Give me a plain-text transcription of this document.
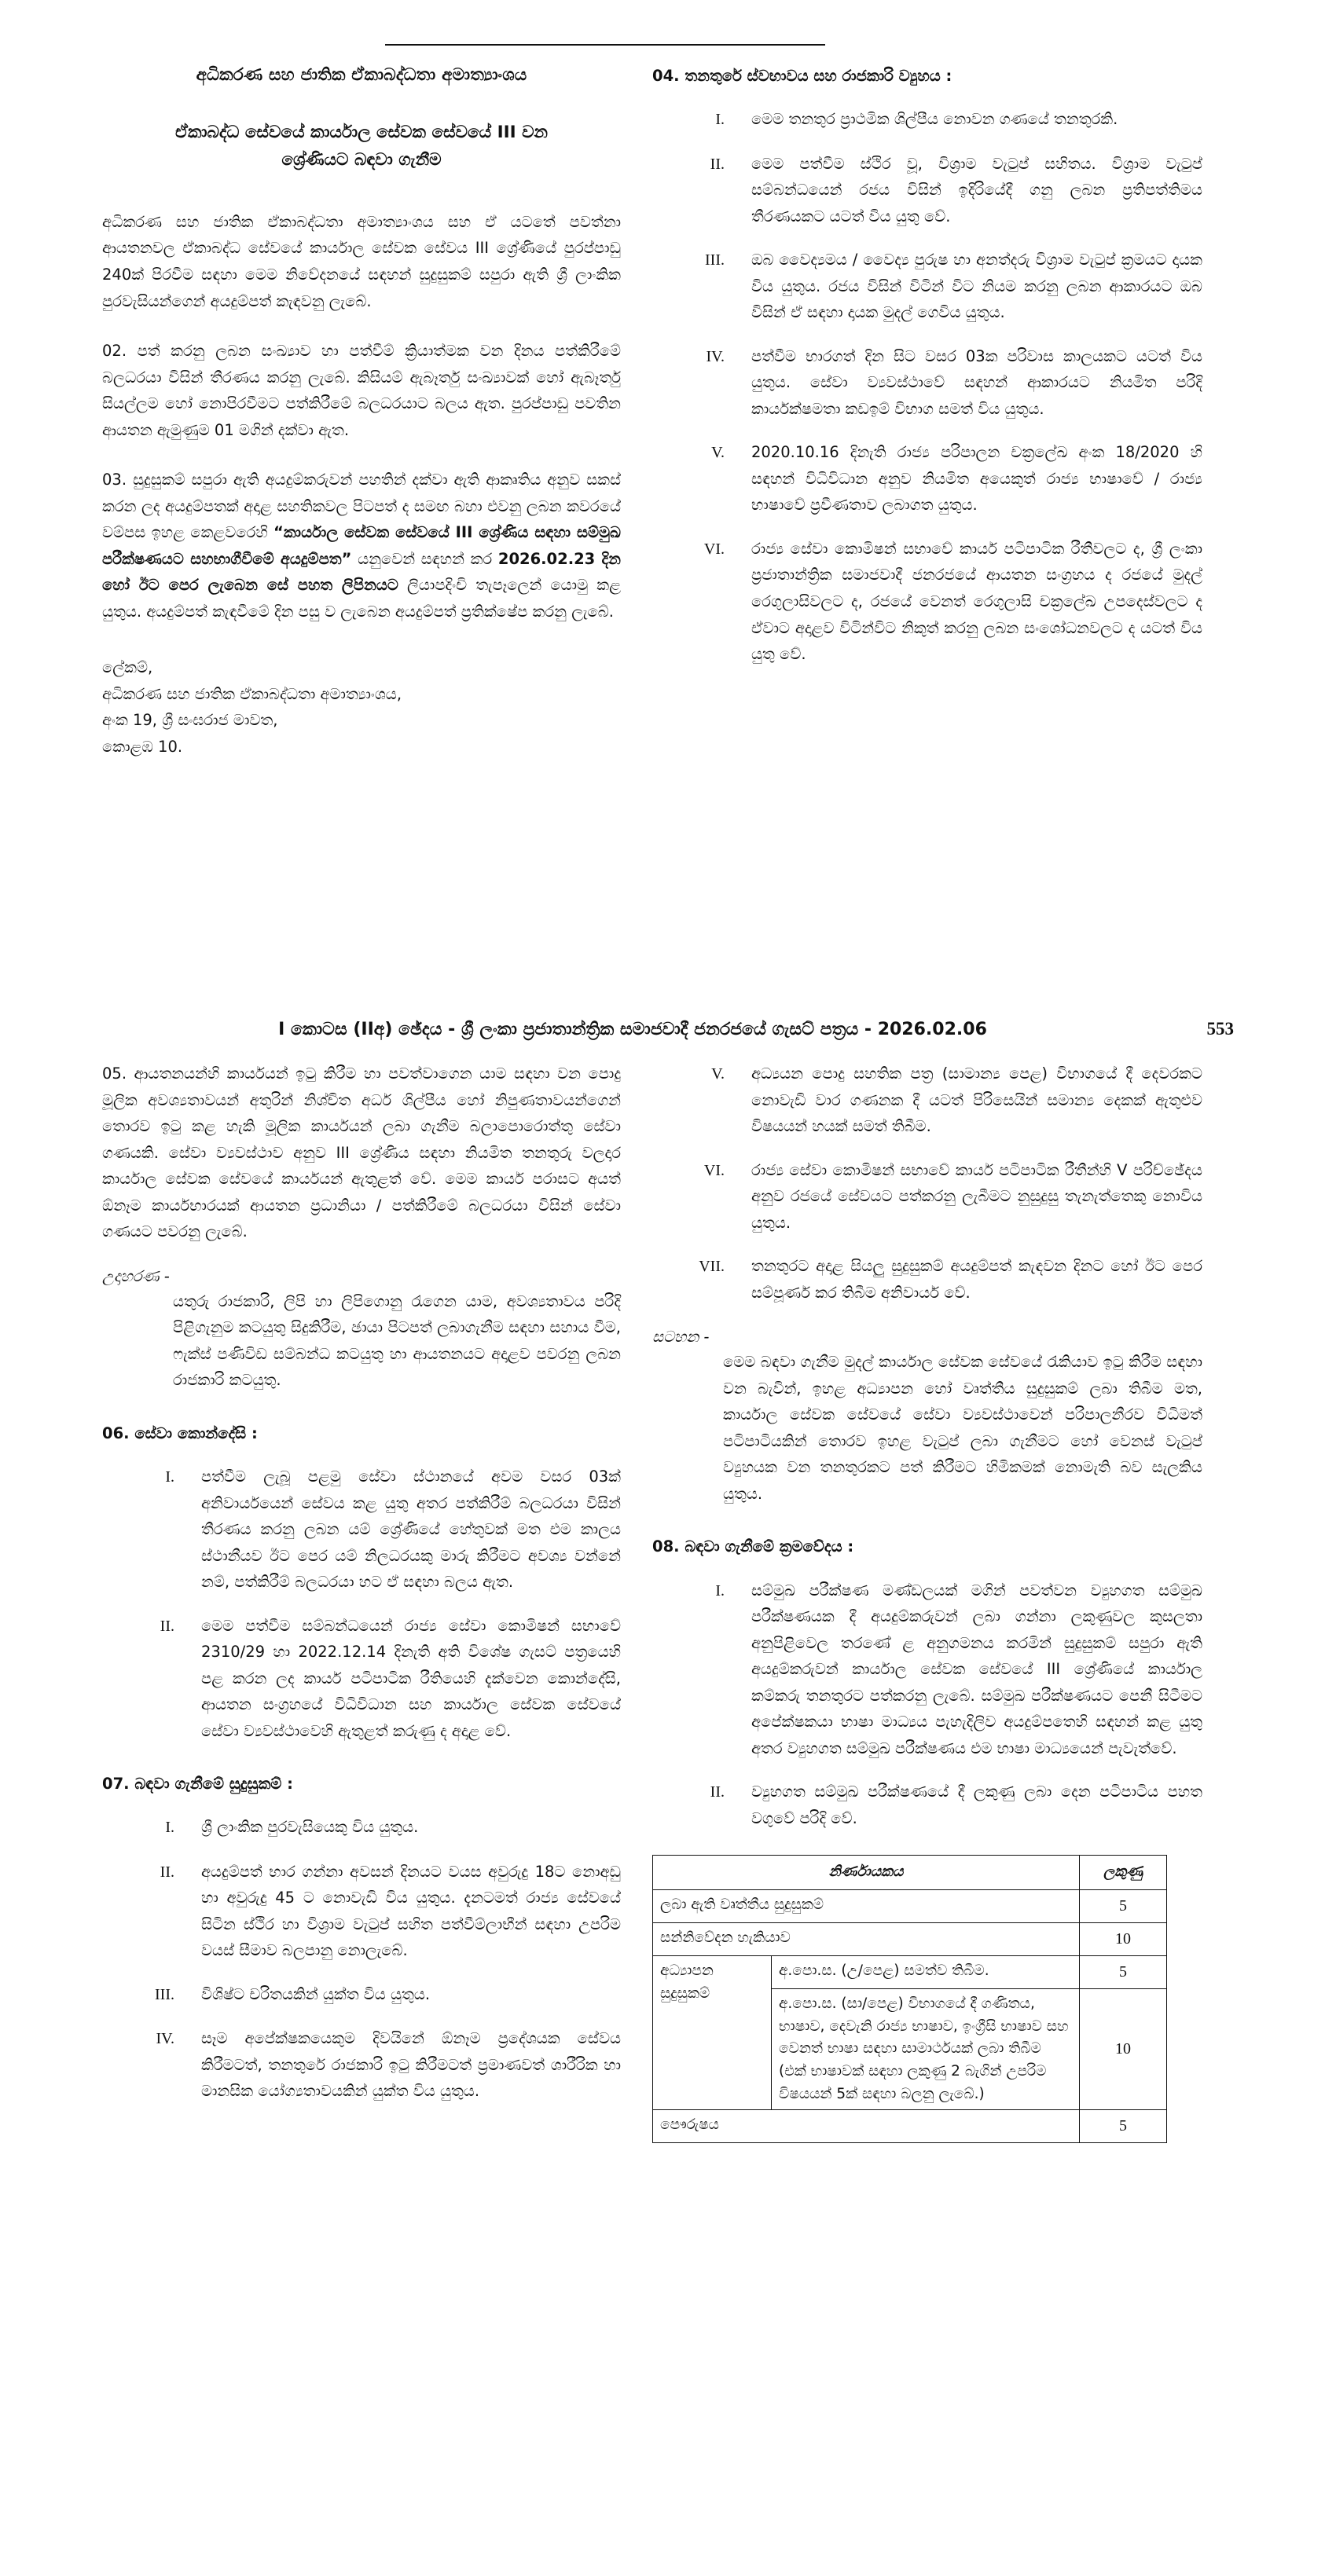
අධිකරණ සහ ජාතික ඒකාබද්ධතා අමාත්‍යාංශය
ඒකාබද්ධ සේවයේ කාර්යාල සේවක සේවයේ III වන
ශ්‍රේණියට බඳවා ගැනීම
අධිකරණ සහ ජාතික ඒකාබද්ධතා අමාත්‍යාංශය සහ ඒ යටතේ පවත්නා ආයතනවල ඒකාබද්ධ සේවයේ කාර්යාල සේවක සේවය III ශ්‍රේණියේ පුරප්පාඩු 240ක් පිරවීම සඳහා මෙම නිවේදනයේ සඳහන් සුදුසුකම් සපුරා ඇති ශ්‍රී ලාංකික පුරවැසියන්ගෙන් අයදුම්පත් කැඳවනු ලැබේ.
02. පත් කරනු ලබන සංඛ්‍යාව හා පත්වීම් ක්‍රියාත්මක වන දිනය පත්කිරීමේ බලධරයා විසින් තීරණය කරනු ලැබේ. කිසියම් ඇබෑර්තු සංඛ්‍යාවක් හෝ ඇබෑර්තු සියල්ලම හෝ නොපිරවීමට පත්කිරීමේ බලධරයාට බලය ඇත. පුරප්පාඩු පවතින ආයතන ඇමුණුම 01 මගින් දක්වා ඇත.
03. සුදුසුකම් සපුරා ඇති අයදුම්කරුවන් පහතින් දක්වා ඇති ආකෘතිය අනුව සකස් කරන ලද අයදුම්පතක් අදාළ සහතිකවල පිටපත් ද සමඟ බහා එවනු ලබන කවරයේ වම්පස ඉහළ කෙළවරෙහි “කාර්යාල සේවක සේවයේ III ශ්‍රේණිය සඳහා සම්මුඛ පරීක්ෂණයට සහභාගීවීමේ අයදුම්පත” යනුවෙන් සඳහන් කර 2026.02.23 දින හෝ ඊට පෙර ලැබෙන සේ පහත ලිපිනයට ලියාපදිංචි තැපෑලෙන් යොමු කළ යුතුය. අයදුම්පත් කැඳවීමේ දින පසු ව ලැබෙන අයදුම්පත් ප්‍රතික්ෂේප කරනු ලැබේ.
ලේකම්,
අධිකරණ සහ ජාතික ඒකාබද්ධතා අමාත්‍යාංශය,
අංක 19, ශ්‍රී සංඝරාජ මාවත,
කොළඹ 10.
04. තනතුරේ ස්වභාවය සහ රාජකාරි ව්‍යුහය :
I.	මෙම තනතුර ප්‍රාථමික ශිල්පීය නොවන ගණයේ තනතුරකි.
II.	මෙම පත්වීම ස්ථිර වූ, විශ්‍රාම වැටුප් සහිතය. විශ්‍රාම වැටුප් සම්බන්ධයෙන් රජය විසින් ඉදිරියේදී ගනු ලබන ප්‍රතිපත්තිමය තීරණයකට යටත් විය යුතු වේ.
III.	ඔබ වෛද්‍යමය / වෛද්‍ය පුරුෂ හා අනත්දරු විශ්‍රාම වැටුප් ක්‍රමයට දායක විය යුතුය. රජය විසින් විටින් විට නියම කරනු ලබන ආකාරයට ඔබ විසින් ඒ සඳහා දායක මුදල් ගෙවිය යුතුය.
IV.	පත්වීම භාරගත් දින සිට වසර 03ක පරිවාස කාලයකට යටත් විය යුතුය. සේවා ව්‍යවස්ථාවේ සඳහන් ආකාරයට නියමිත පරිදි කාර්යක්ෂමතා කඩඉම් විභාග සමත් විය යුතුය.
V.	2020.10.16 දිනැති රාජ්‍ය පරිපාලන චක්‍රලේඛ අංක 18/2020 හි සඳහන් විධිවිධාන අනුව නියමිත අයෙකුත් රාජ්‍ය භාෂාවේ / රාජ්‍ය භාෂාවේ ප්‍රවීණතාව ලබාගත යුතුය.
VI.	රාජ්‍ය සේවා කොමිෂන් සභාවේ කාර්ය පටිපාටික රීතීවලට ද, ශ්‍රී ලංකා ප්‍රජාතාන්ත්‍රික සමාජවාදී ජනරජයේ ආයතන සංග්‍රහය ද රජයේ මුදල් රෙගුලාසිවලට ද, රජයේ වෙනත් රෙගුලාසි චක්‍රලේඛ උපදෙස්වලට ද ඒවාට අදාළව විටින්විට නිකුත් කරනු ලබන සංශෝධනවලට ද යටත් විය යුතු වේ.
I කොටස (IIඅ) ඡේදය - ශ්‍රී ලංකා ප්‍රජාතාන්ත්‍රික සමාජවාදී ජනරජයේ ගැසට් පත්‍රය - 2026.02.06	553
05. ආයතනයන්හි කාර්යයන් ඉටු කිරීම හා පවත්වාගෙන යාම සඳහා වන පොදු මූලික අවශ්‍යතාවයන් අතුරින් නිශ්චිත අර්ධ ශිල්පීය හෝ නිපුණතාවයන්ගෙන් තොරව ඉටු කළ හැකි මූලික කාර්යයන් ලබා ගැනීම බලාපොරොත්තු සේවා ගණයකි. සේවා ව්‍යවස්ථාව අනුව III ශ්‍රේණිය සඳහා නියමිත තනතුරු වලදාර කාර්යාල සේවක සේවයේ කාර්යයන් ඇතුළත් වේ. මෙම කාර්ය පරාසට අයත් ඕනෑම කාර්යභාරයක් ආයතන ප්‍රධානියා / පත්කිරීමේ බලධරයා විසින් සේවා ගණයට පවරනු ලැබේ.
උදාහරණ -
යතුරු රාජකාරි, ලිපි හා ලිපිගොනු රැගෙන යාම, අවශ්‍යතාවය පරිදි පිළිගැනුම කටයුතු සිදුකිරීම, ඡායා පිටපත් ලබාගැනීම සඳහා සහාය වීම, ෆැක්ස් පණිවිඩ සම්බන්ධ කටයුතු හා ආයතනයට අදාළව පවරනු ලබන රාජකාරි කටයුතු.
06. සේවා කොන්දේසි :
I.	පත්වීම ලැබූ පළමු සේවා ස්ථානයේ අවම වසර 03ක් අනිවාර්යයෙන් සේවය කළ යුතු අතර පත්කිරීම් බලධරයා විසින් තීරණය කරනු ලබන යම් ශ්‍රේණියේ හේතුවක් මත එම කාලය ස්ථානීයව ඊට පෙර යම් නිලධරයකු මාරු කිරීමට අවශ්‍ය වන්නේ නම්, පත්කිරීම් බලධරයා හට ඒ සඳහා බලය ඇත.
II.	මෙම පත්වීම සම්බන්ධයෙන් රාජ්‍ය සේවා කොමිෂන් සභාවේ 2310/29 හා 2022.12.14 දිනැති අති විශේෂ ගැසට් පත්‍රයෙහි පළ කරන ලද කාර්ය පටිපාටික රීතියෙහි දැක්වෙන කොන්දේසි, ආයතන සංග්‍රහයේ විධිවිධාන සහ කාර්යාල සේවක සේවයේ සේවා ව්‍යවස්ථාවෙහි ඇතුළත් කරුණු ද අදාළ වේ.
07. බඳවා ගැනීමේ සුදුසුකම් :
I.	ශ්‍රී ලාංකික පුරවැසියෙකු විය යුතුය.
II.	අයදුම්පත් භාර ගන්නා අවසන් දිනයට වයස අවුරුදු 18ට නොඅඩු හා අවුරුදු 45 ට නොවැඩි විය යුතුය. දැනටමත් රාජ්‍ය සේවයේ සිටින ස්ථිර හා විශ්‍රාම වැටුප් සහිත පත්වීම්ලාභීන් සඳහා උපරිම වයස් සීමාව බලපානු නොලැබේ.
III.	විශිෂ්ට චරිතයකින් යුක්ත විය යුතුය.
IV.	සෑම අපේක්ෂකයෙකුම දිවයිනේ ඕනෑම ප්‍රදේශයක සේවය කිරීමටත්, තනතුරේ රාජකාරි ඉටු කිරීමටත් ප්‍රමාණවත් ශාරීරික හා මානසික යෝග්‍යතාවයකින් යුක්ත විය යුතුය.
V.	අධ්‍යයන පොදු සහතික පත්‍ර (සාමාන්‍ය පෙළ) විභාගයේ දී දෙවරකට නොවැඩි වාර ගණනක දී යටත් පිරිසෙයින් සමාන්‍ය දෙකක් ඇතුළුව විෂයයන් හයක් සමත් තිබීම.
VI.	රාජ්‍ය සේවා කොමිෂන් සභාවේ කාර්ය පටිපාටික රීතීන්හි V පරිච්ඡේදය අනුව රජයේ සේවයට පත්කරනු ලැබීමට නුසුදුසු තැනැත්තෙකු නොවිය යුතුය.
VII.	තනතුරට අදාළ සියලු සුදුසුකම් අයදුම්පත් කැඳවන දිනට හෝ ඊට පෙර සම්පූර්ණ කර තිබීම අනිවාර්ය වේ.
සටහන -
මෙම බඳවා ගැනීම මුදල් කාර්යාල සේවක සේවයේ රැකියාව ඉටු කිරීම සඳහා වන බැවින්, ඉහළ අධ්‍යාපන හෝ වෘත්තීය සුදුසුකම් ලබා තිබීම මත, කාර්යාල සේවක සේවයේ සේවා ව්‍යවස්ථාවෙන් පරිපාලනීරව විධිමත් පටිපාටියකින් තොරව ඉහළ වැටුප් ලබා ගැනීමට හෝ වෙනස් වැටුප් ව්‍යුහයක වන තනතුරකට පත් කිරීමට හිමිකමක් නොමැති බව සැලකිය යුතුය.
08. බඳවා ගැනීමේ ක්‍රමවේදය :
I.	සම්මුඛ පරීක්ෂණ මණ්ඩලයක් මගින් පවත්වන ව්‍යුහගත සම්මුඛ පරීක්ෂණයක දී අයදුම්කරුවන් ලබා ගන්නා ලකුණුවල කුසලතා අනුපිළිවෙල තරණේ ළ අනුගමනය කරමින් සුදුසුකම් සපුරා ඇති අයදුම්කරුවන් කාර්යාල සේවක සේවයේ III ශ්‍රේණියේ කාර්යාල කම්කරු තනතුරට පත්කරනු ලැබේ. සම්මුඛ පරීක්ෂණයට පෙනී සිටීමට අපේක්ෂකයා භාෂා මාධ්‍යය පැහැදිලිව අයදුම්පතෙහි සඳහන් කළ යුතු අතර ව්‍යුහගත සම්මුඛ පරීක්ෂණය එම භාෂා මාධ්‍යයෙන් පැවැත්වේ.
II.	ව්‍යුහගත සම්මුඛ පරීක්ෂණයේ දී ලකුණු ලබා දෙන පටිපාටිය පහත වගුවේ පරිදි වේ.
නිර්ණායකය		ලකුණු
ලබා ඇති වෘත්තීය සුදුසුකම්		5
සන්නිවේදන හැකියාව		10
අධ්‍යාපන සුදුසුකම්	අ.පො.ස. (උ/පෙළ) සමත්ව තිබීම.	5
	අ.පො.ස. (සා/පෙළ) විභාගයේ දී ගණිතය, භාෂාව, දෙවැනි රාජ්‍ය භාෂාව, ඉංග්‍රීසි භාෂාව සහ වෙනත් භාෂා සඳහා සාමාර්ථයක් ලබා තිබීම (එක් භාෂාවක් සඳහා ලකුණු 2 බැගින් උපරිම විෂයයන් 5ක් සඳහා බලනු ලැබේ.)	10
පෞරුෂය		5
